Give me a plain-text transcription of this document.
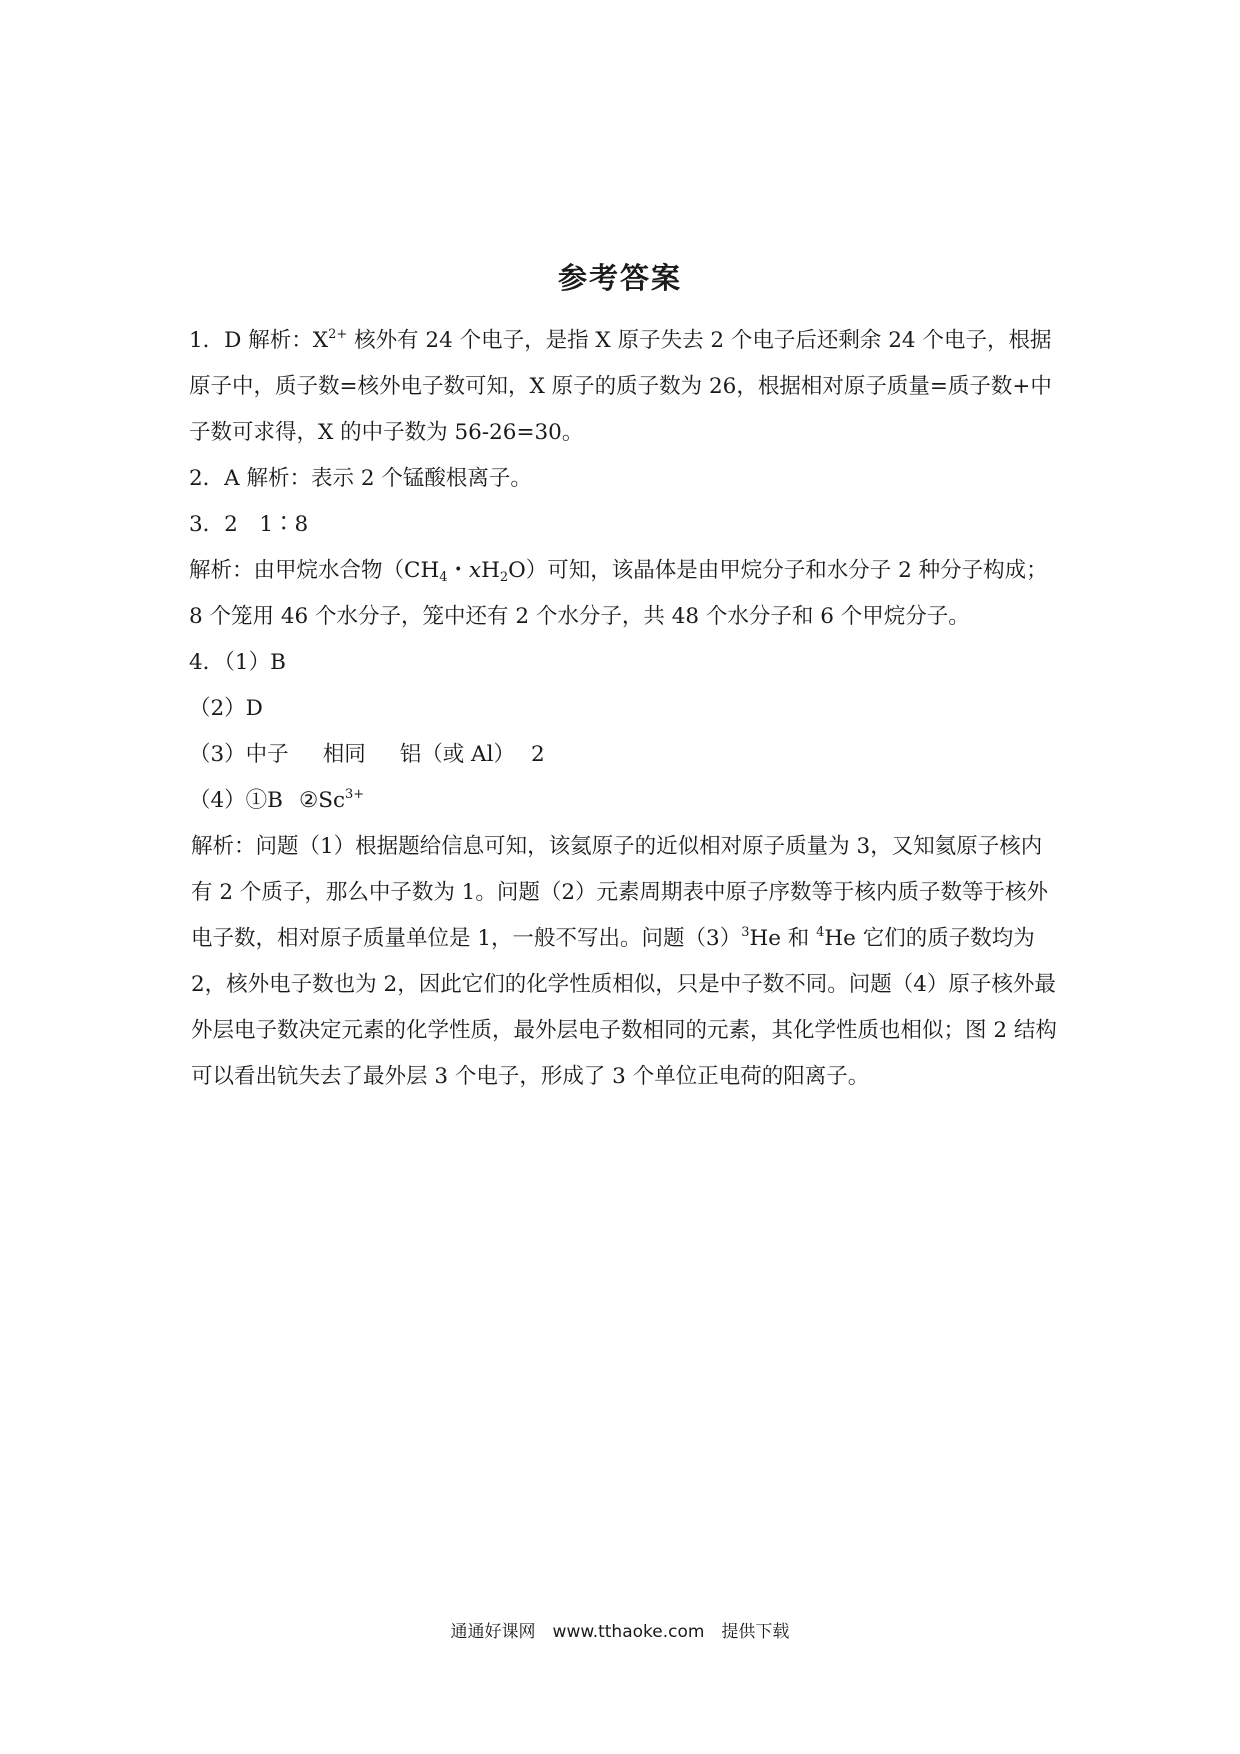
参考答案

1．D 解析：$X^{2+}$ 核外有 24 个电子，是指 X 原子失去 2 个电子后还剩余 24 个电子，根据原子中，质子数=核外电子数可知，X 原子的质子数为 26，根据相对原子质量=质子数+中子数可求得，X 的中子数为 56-26=30。

2．A 解析：表示 2 个锰酸根离子。

3．2　1∶8

解析：由甲烷水合物（$CH_4$・$xH_2O$）可知，该晶体是由甲烷分子和水分子 2 种分子构成； 8 个笼用 46 个水分子，笼中还有 2 个水分子，共 48 个水分子和 6 个甲烷分子。

4．（1）B

（2）D

（3）中子 相同 铝（或 Al） 2

（4）①B $②Sc^{3+}$

解析：问题（1）根据题给信息可知，该氦原子的近似相对原子质量为 3，又知氦原子核内有 2 个质子，那么中子数为 1。问题（2）元素周期表中原子序数等于核内质子数等于核外电子数，相对原子质量单位是 1，一般不写出。问题$(3)^3He$ 和 $^4$He 它们的质子数均为 2，核外电子数也为 2，因此它们的化学性质相似，只是中子数不同。问题（4）原子核外最外层电子数决定元素的化学性质，最外层电子数相同的元素，其化学性质也相似；图 2 结构可以看出钪失去了最外层 3 个电子，形成了 3 个单位正电荷的阳离子。

通通好课网　www.tthaoke.com　提供下载
